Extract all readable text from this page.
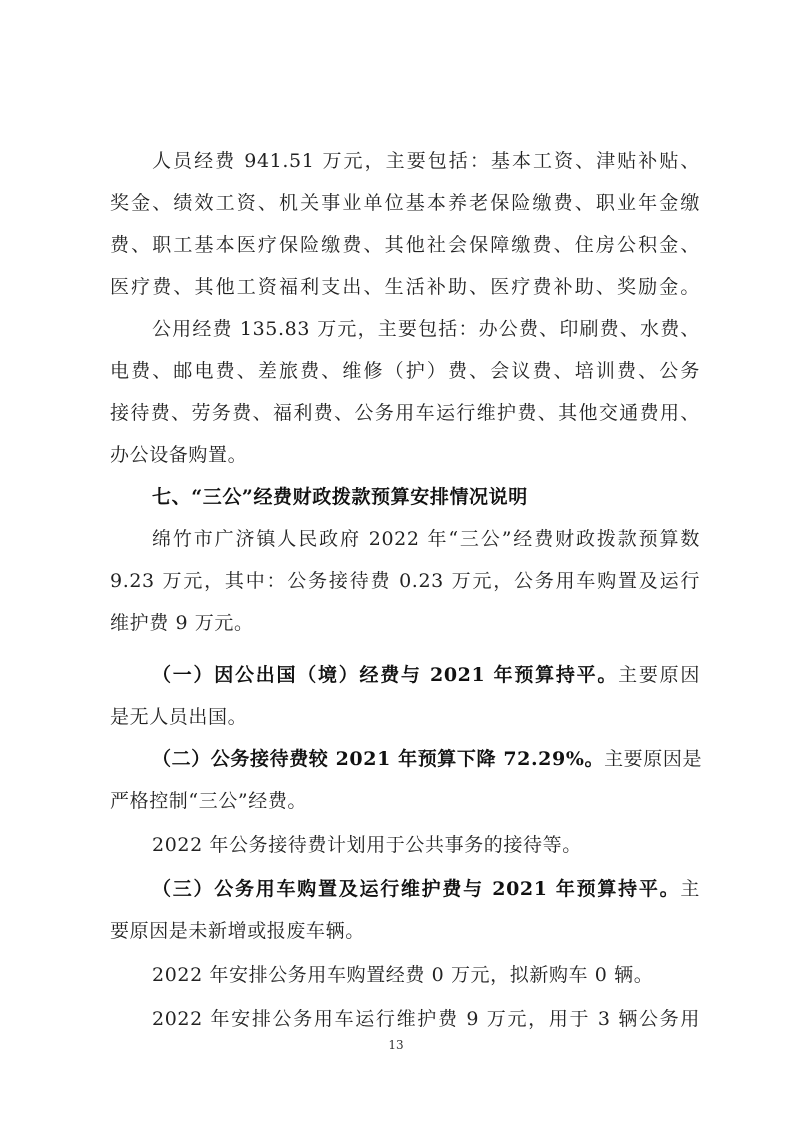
人员经费 941.51 万元，主要包括：基本工资、津贴补贴、
奖金、绩效工资、机关事业单位基本养老保险缴费、职业年金缴
费、职工基本医疗保险缴费、其他社会保障缴费、住房公积金、
医疗费、其他工资福利支出、生活补助、医疗费补助、奖励金。
公用经费 135.83 万元，主要包括：办公费、印刷费、水费、
电费、邮电费、差旅费、维修（护）费、会议费、培训费、公务
接待费、劳务费、福利费、公务用车运行维护费、其他交通费用、
办公设备购置。
七、“三公”经费财政拨款预算安排情况说明
绵竹市广济镇人民政府 2022 年“三公”经费财政拨款预算数
9.23 万元，其中：公务接待费 0.23 万元，公务用车购置及运行
维护费 9 万元。
（一）因公出国（境）经费与 2021 年预算持平。主要原因
是无人员出国。
（二）公务接待费较 2021 年预算下降 72.29%。主要原因是
严格控制“三公”经费。
2022 年公务接待费计划用于公共事务的接待等。
（三）公务用车购置及运行维护费与 2021 年预算持平。主
要原因是未新增或报废车辆。
2022 年安排公务用车购置经费 0 万元，拟新购车 0 辆。
2022 年安排公务用车运行维护费 9 万元，用于 3 辆公务用
13
